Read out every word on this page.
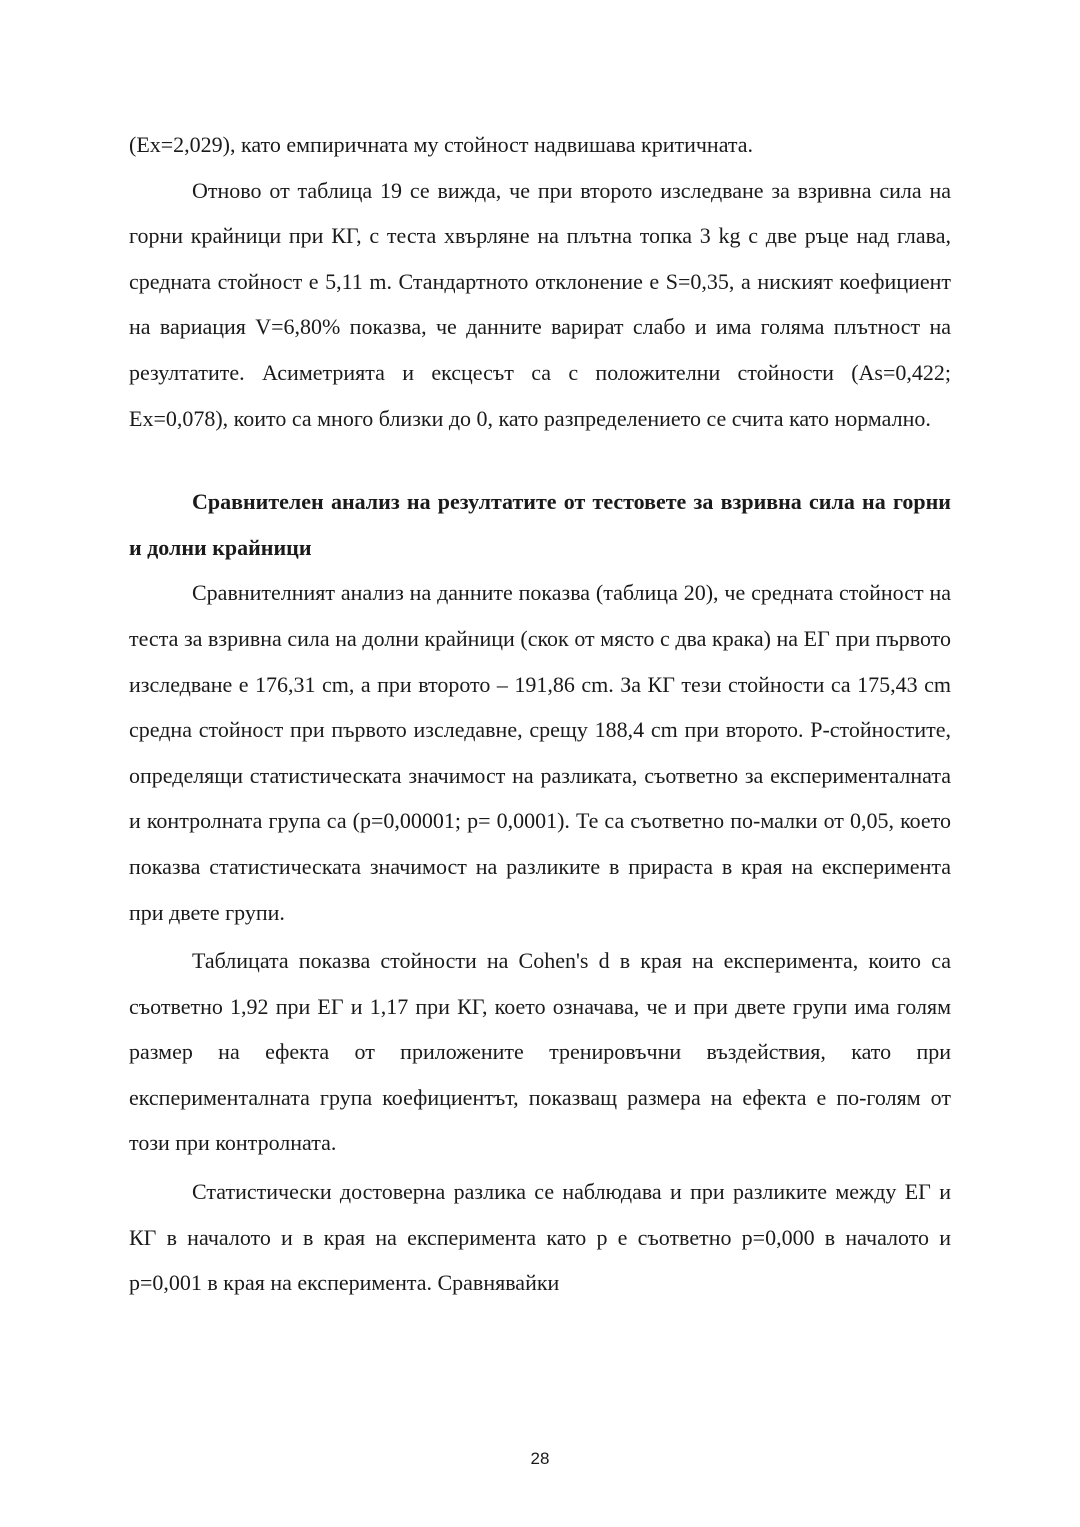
(Ex=2,029), като емпиричната му стойност надвишава критичната.

Отново от таблица 19 се вижда, че при второто изследване за взривна сила на горни крайници при КГ, с теста хвърляне на плътна топка 3 kg с две ръце над глава, средната стойност е 5,11 m. Стандартното отклонение е S=0,35, а ниският коефициент на вариация V=6,80% показва, че данните варират слабо и има голяма плътност на резултатите. Асиметрията и ексцесът са с положителни стойности (As=0,422; Ex=0,078), които са много близки до 0, като разпределението се счита като нормално.

Сравнителен анализ на резултатите от тестовете за взривна сила на горни и долни крайници

Сравнителният анализ на данните показва (таблица 20), че средната стойност на теста за взривна сила на долни крайници (скок от място с два крака) на ЕГ при първото изследване е 176,31 cm, а при второто – 191,86 cm. За КГ тези стойности са 175,43 cm средна стойност при първото изследавне, срещу 188,4 cm при второто. P-стойностите, определящи статистическата значимост на разликата, съответно за експерименталната и контролната група са (p=0,00001; p= 0,0001). Те са съответно по-малки от 0,05, което показва статистическата значимост на разликите в прираста в края на експеримента при двете групи.

Таблицата показва стойности на Cohen's d в края на експеримента, които са съответно 1,92 при ЕГ и 1,17 при КГ, което означава, че и при двете групи има голям размер на ефекта от приложените тренировъчни въздействия, като при експерименталната група коефициентът, показващ размера на ефекта е по-голям от този при контролната.

Статистически достоверна разлика се наблюдава и при разликите между ЕГ и КГ в началото и в края на експеримента като p е съответно p=0,000 в началото и p=0,001 в края на експеримента. Сравнявайки

28
